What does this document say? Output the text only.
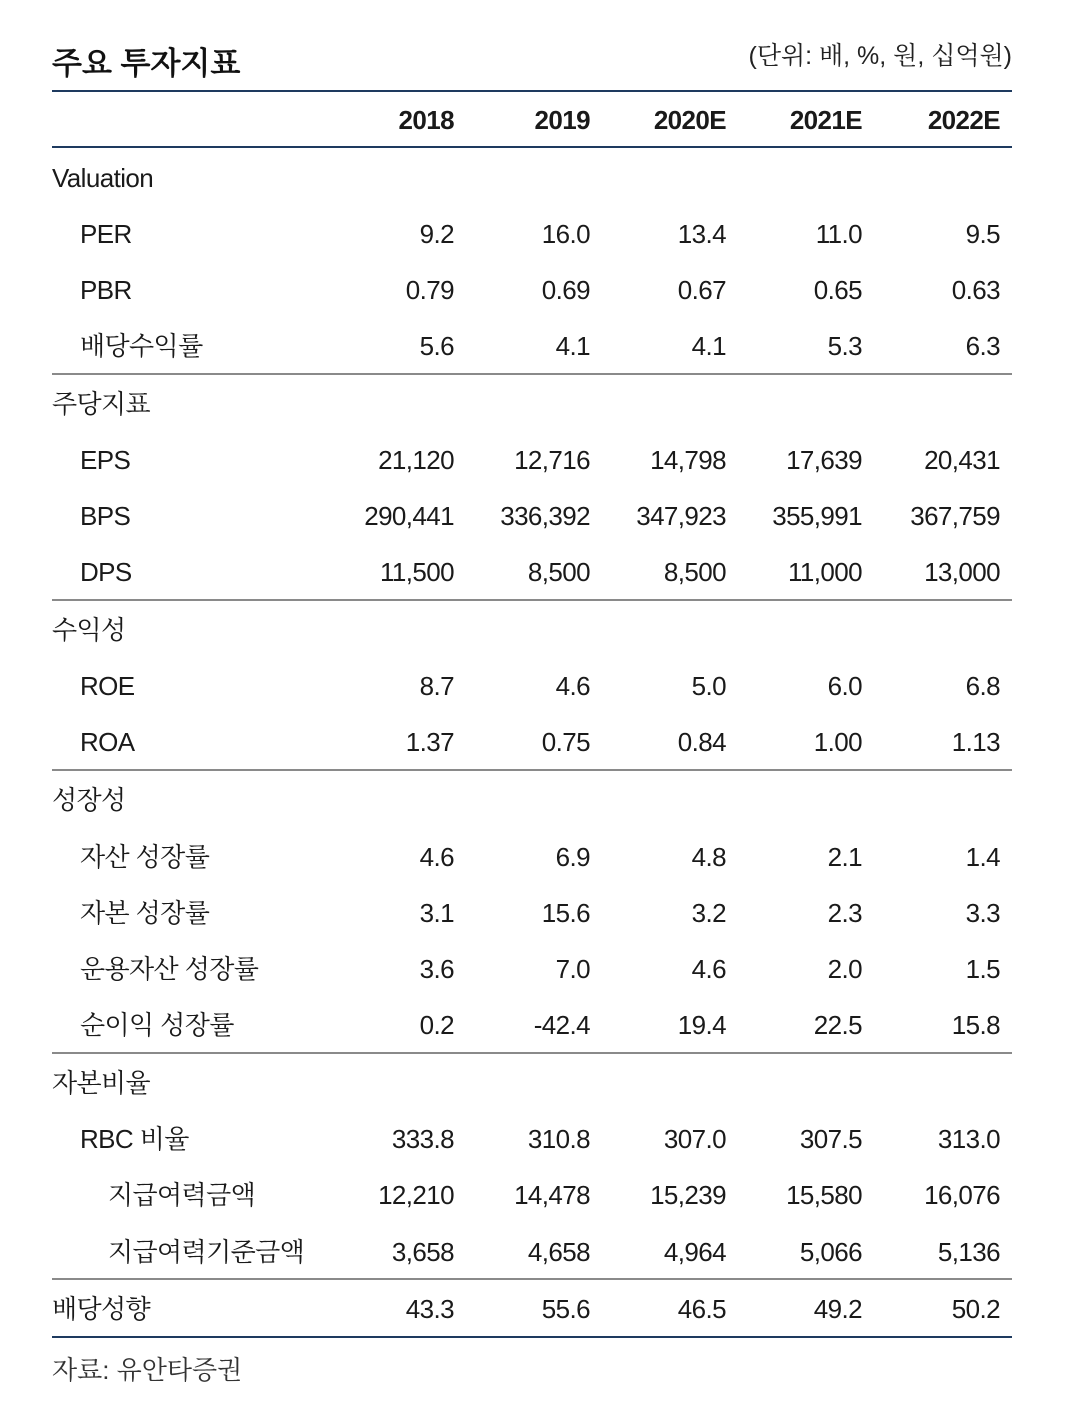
주요 투자지표	(단위: 배, %, 원, 십억원)
2018	2019	2020E	2021E	2022E
Valuation
PER	9.2	16.0	13.4	11.0	9.5
PBR	0.79	0.69	0.67	0.65	0.63
배당수익률	5.6	4.1	4.1	5.3	6.3
주당지표
EPS	21,120	12,716	14,798	17,639	20,431
BPS	290,441	336,392	347,923	355,991	367,759
DPS	11,500	8,500	8,500	11,000	13,000
수익성
ROE	8.7	4.6	5.0	6.0	6.8
ROA	1.37	0.75	0.84	1.00	1.13
성장성
자산 성장률	4.6	6.9	4.8	2.1	1.4
자본 성장률	3.1	15.6	3.2	2.3	3.3
운용자산 성장률	3.6	7.0	4.6	2.0	1.5
순이익 성장률	0.2	-42.4	19.4	22.5	15.8
자본비율
RBC 비율	333.8	310.8	307.0	307.5	313.0
지급여력금액	12,210	14,478	15,239	15,580	16,076
지급여력기준금액	3,658	4,658	4,964	5,066	5,136
배당성향	43.3	55.6	46.5	49.2	50.2
자료: 유안타증권
